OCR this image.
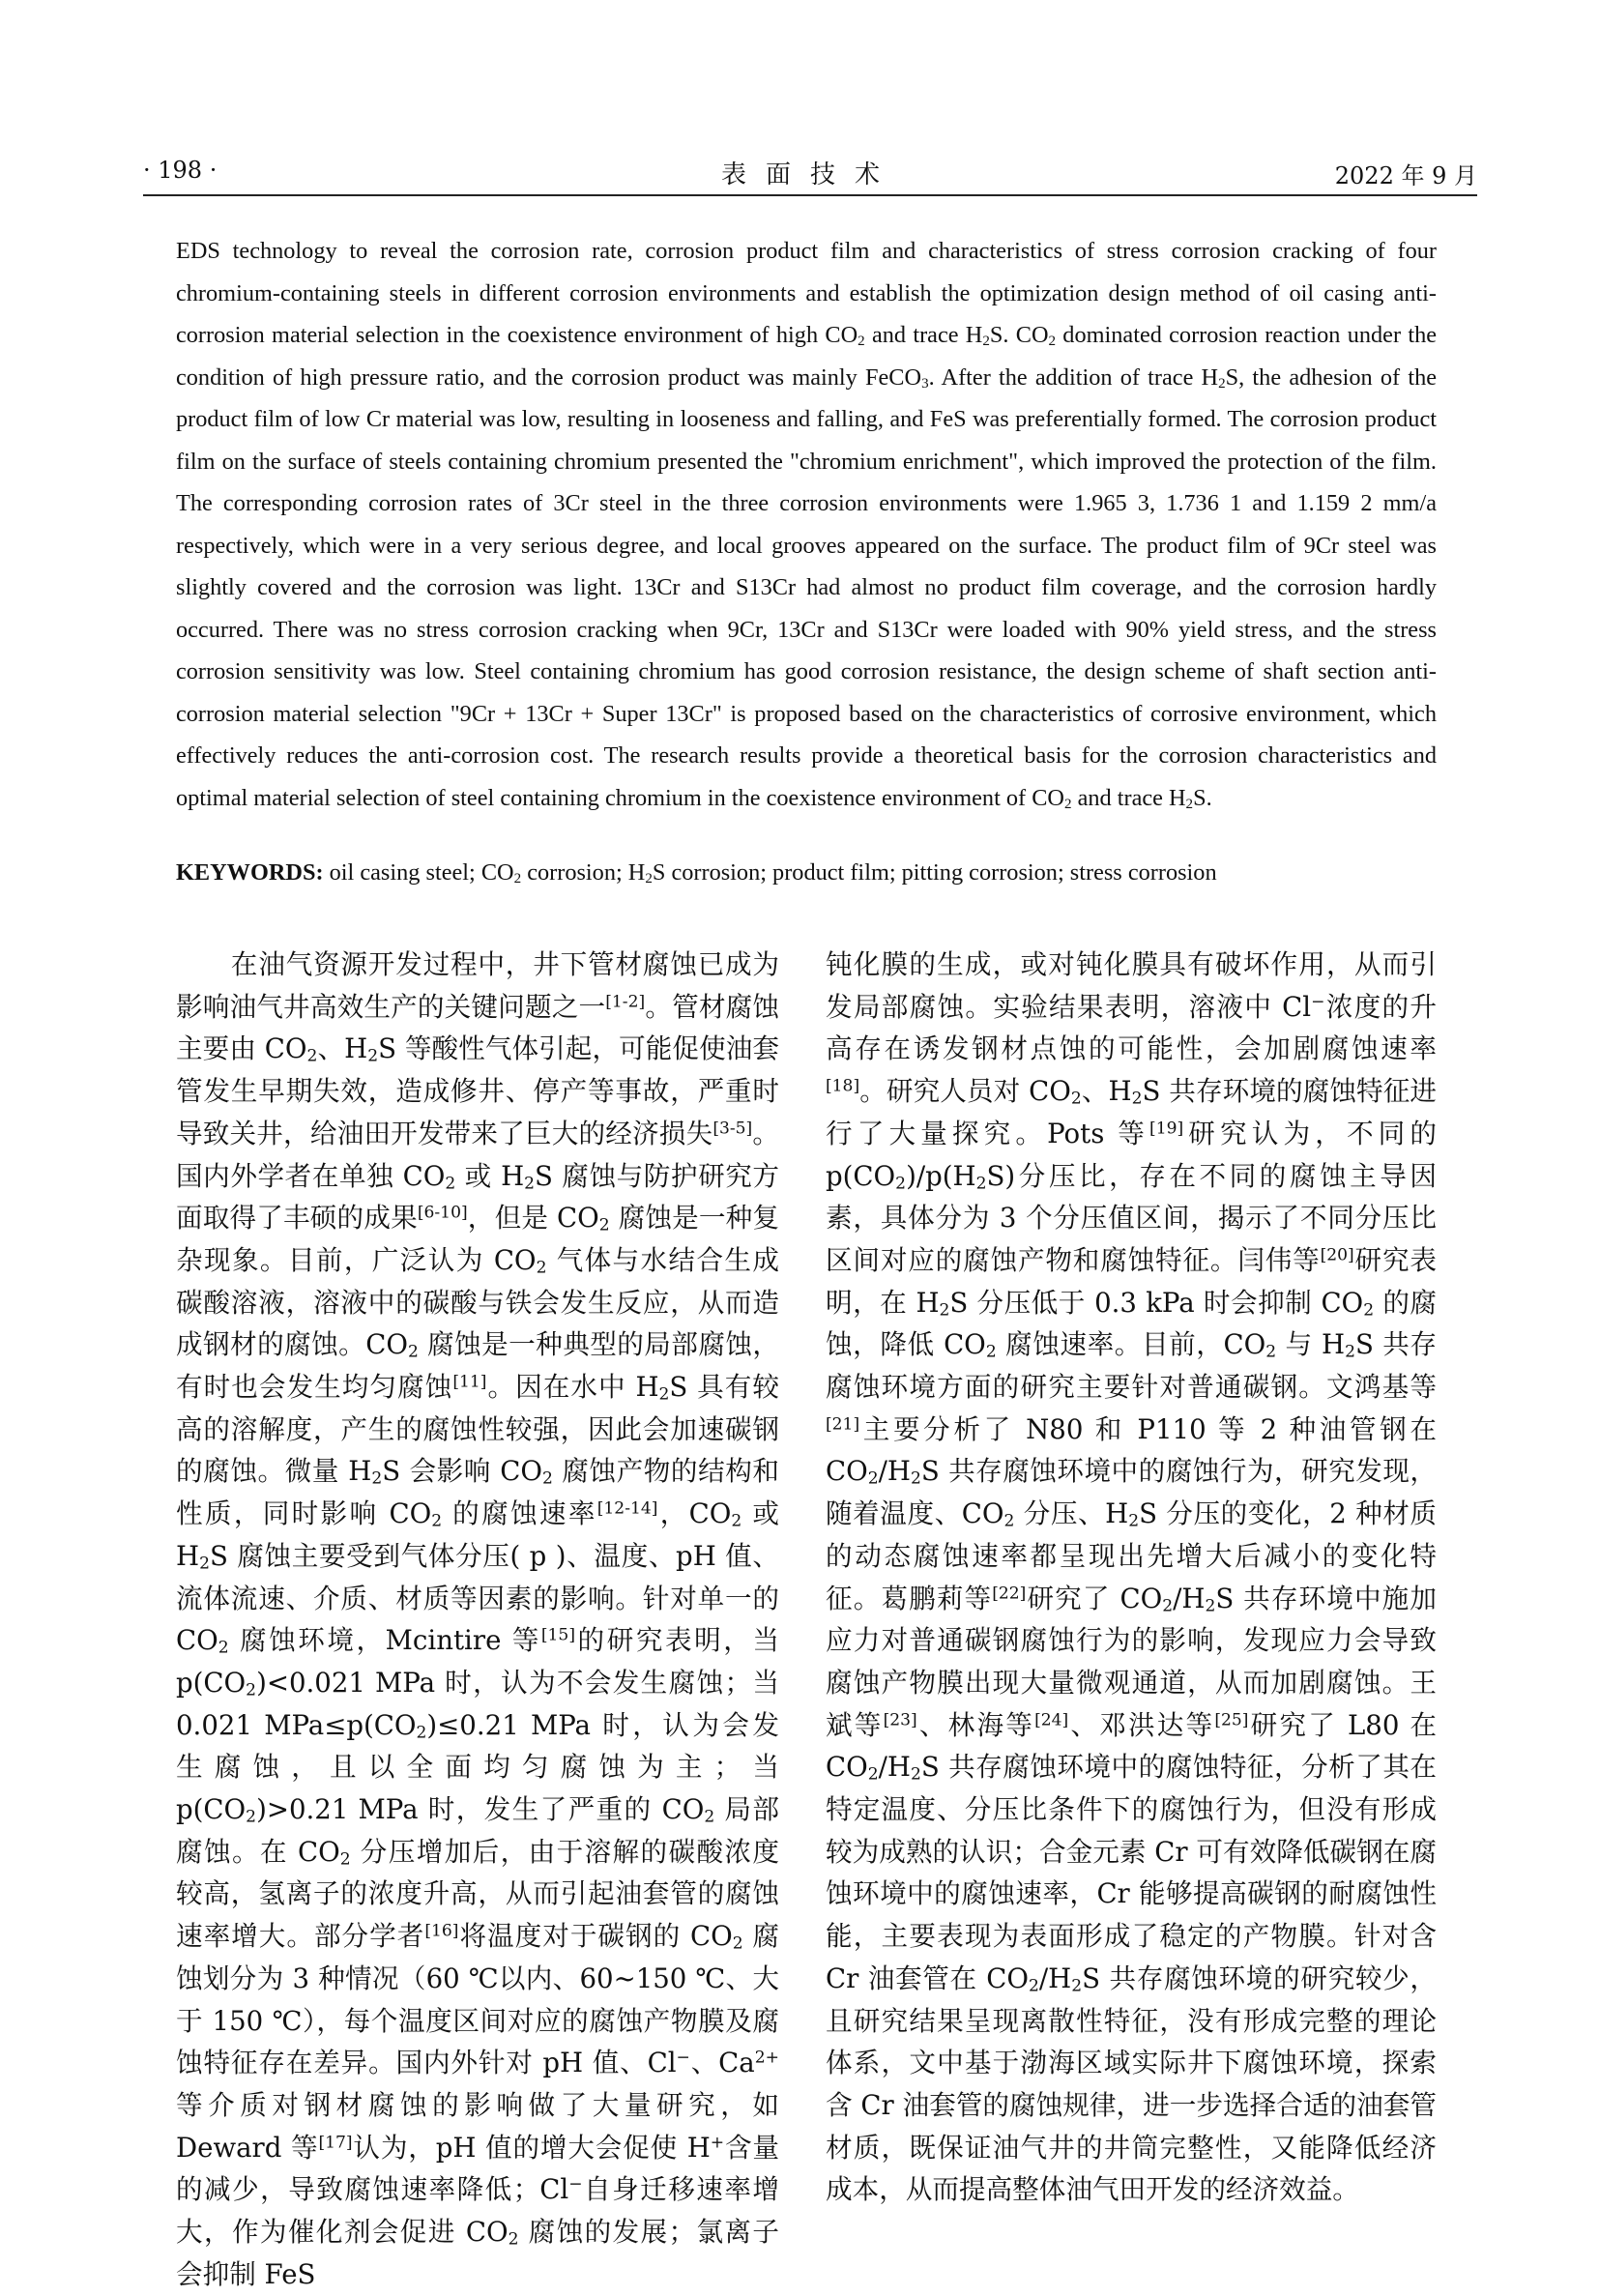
· 198 ·	表面技术	2022 年 9 月

EDS technology to reveal the corrosion rate, corrosion product film and characteristics of stress corrosion cracking of four chromium-containing steels in different corrosion environments and establish the optimization design method of oil casing anti-corrosion material selection in the coexistence environment of high $CO_2$ and trace $H_2S$. $CO_2$ dominated corrosion reaction under the condition of high pressure ratio, and the corrosion product was mainly FeCO$_3$. After the addition of trace $H_2S$, the adhesion of the product film of low Cr material was low, resulting in looseness and falling, and FeS was preferentially formed. The corrosion product film on the surface of steels containing chromium presented the "chromium enrichment", which improved the protection of the film. The corresponding corrosion rates of 3Cr steel in the three corrosion environments were 1.965 3, 1.736 1 and 1.159 2 mm/a respectively, which were in a very serious degree, and local grooves appeared on the surface. The product film of 9Cr steel was slightly covered and the corrosion was light. 13Cr and S13Cr had almost no product film coverage, and the corrosion hardly occurred. There was no stress corrosion cracking when 9Cr, 13Cr and S13Cr were loaded with 90% yield stress, and the stress corrosion sensitivity was low. Steel containing chromium has good corrosion resistance, the design scheme of shaft section anti-corrosion material selection "9Cr + 13Cr + Super 13Cr" is proposed based on the characteristics of corrosive environment, which effectively reduces the anti-corrosion cost. The research results provide a theoretical basis for the corrosion characteristics and optimal material selection of steel containing chromium in the coexistence environment of $CO_2$ and trace $H_2S$.

KEYWORDS: oil casing steel; $CO_2$ corrosion; $H_2S$ corrosion; product film; pitting corrosion; stress corrosion

　　在油气资源开发过程中，井下管材腐蚀已成为影响油气井高效生产的关键问题之一[1-2]。管材腐蚀主要由 $CO_2$、$H_2S$ 等酸性气体引起，可能促使油套管发生早期失效，造成修井、停产等事故，严重时导致关井，给油田开发带来了巨大的经济损失[3-5]。国内外学者在单独 $CO_2$ 或 $H_2S$ 腐蚀与防护研究方面取得了丰硕的成果[6-10]，但是 $CO_2$ 腐蚀是一种复杂现象。目前，广泛认为 $CO_2$ 气体与水结合生成碳酸溶液，溶液中的碳酸与铁会发生反应，从而造成钢材的腐蚀。$CO_2$ 腐蚀是一种典型的局部腐蚀，有时也会发生均匀腐蚀[11]。因在水中 $H_2S$ 具有较高的溶解度，产生的腐蚀性较强，因此会加速碳钢的腐蚀。微量 $H_2S$ 会影响 $CO_2$ 腐蚀产物的结构和性质，同时影响 $CO_2$ 的腐蚀速率[12-14]，$CO_2$ 或 $H_2S$ 腐蚀主要受到气体分压( p )、温度、pH 值、流体流速、介质、材质等因素的影响。针对单一的 $CO_2$ 腐蚀环境，Mcintire 等[15]的研究表明，当 $p(CO_2)<0.021$ MPa 时，认为不会发生腐蚀；当 0.021 $MPa\le p(CO_2)\le 0.21$ MPa 时，认为会发生腐蚀，且以全面均匀腐蚀为主；当 $p(CO_2)>0.21$ MPa 时，发生了严重的 $CO_2$ 局部腐蚀。在 $CO_2$ 分压增加后，由于溶解的碳酸浓度较高，氢离子的浓度升高，从而引起油套管的腐蚀速率增大。部分学者[16]将温度对于碳钢的 $CO_2$ 腐蚀划分为 3 种情况（60 ℃以内、60~150 ℃、大于 150 ℃），每个温度区间对应的腐蚀产物膜及腐蚀特征存在差异。国内外针对 pH 值、Cl−、$Ca^{2+}$ 等介质对钢材腐蚀的影响做了大量研究，如 Deward 等[17]认为，pH 值的增大会促使 H+含量的减少，导致腐蚀速率降低；Cl−自身迁移速率增大，作为催化剂会促进 $CO_2$ 腐蚀的发展；氯离子会抑制 FeS

钝化膜的生成，或对钝化膜具有破坏作用，从而引发局部腐蚀。实验结果表明，溶液中 Cl−浓度的升高存在诱发钢材点蚀的可能性，会加剧腐蚀速率[18]。研究人员对 $CO_2$、$H_2S$ 共存环境的腐蚀特征进行了大量探究。Pots 等[19]研究认为，不同的 $p(CO_2)/p(H_2S)$分压比，存在不同的腐蚀主导因素，具体分为 3 个分压值区间，揭示了不同分压比区间对应的腐蚀产物和腐蚀特征。闫伟等[20]研究表明，在 $H_2S$ 分压低于 0.3 kPa 时会抑制 $CO_2$ 的腐蚀，降低 $CO_2$ 腐蚀速率。目前，$CO_2$ 与 $H_2S$ 共存腐蚀环境方面的研究主要针对普通碳钢。文鸿基等[21]主要分析了 N80 和 P110 等 2 种油管钢在 $CO_2/H_2S$ 共存腐蚀环境中的腐蚀行为，研究发现，随着温度、$CO_2$ 分压、$H_2S$ 分压的变化，2 种材质的动态腐蚀速率都呈现出先增大后减小的变化特征。葛鹏莉等[22]研究了 $CO_2/H_2S$ 共存环境中施加应力对普通碳钢腐蚀行为的影响，发现应力会导致腐蚀产物膜出现大量微观通道，从而加剧腐蚀。王斌等[23]、林海等[24]、邓洪达等[25]研究了 L80 在 $CO_2/H_2S$ 共存腐蚀环境中的腐蚀特征，分析了其在特定温度、分压比条件下的腐蚀行为，但没有形成较为成熟的认识；合金元素 Cr 可有效降低碳钢在腐蚀环境中的腐蚀速率，Cr 能够提高碳钢的耐腐蚀性能，主要表现为表面形成了稳定的产物膜。针对含 Cr 油套管在 $CO_2/H_2S$ 共存腐蚀环境的研究较少，且研究结果呈现离散性特征，没有形成完整的理论体系，文中基于渤海区域实际井下腐蚀环境，探索含 Cr 油套管的腐蚀规律，进一步选择合适的油套管材质，既保证油气井的井筒完整性，又能降低经济成本，从而提高整体油气田开发的经济效益。
